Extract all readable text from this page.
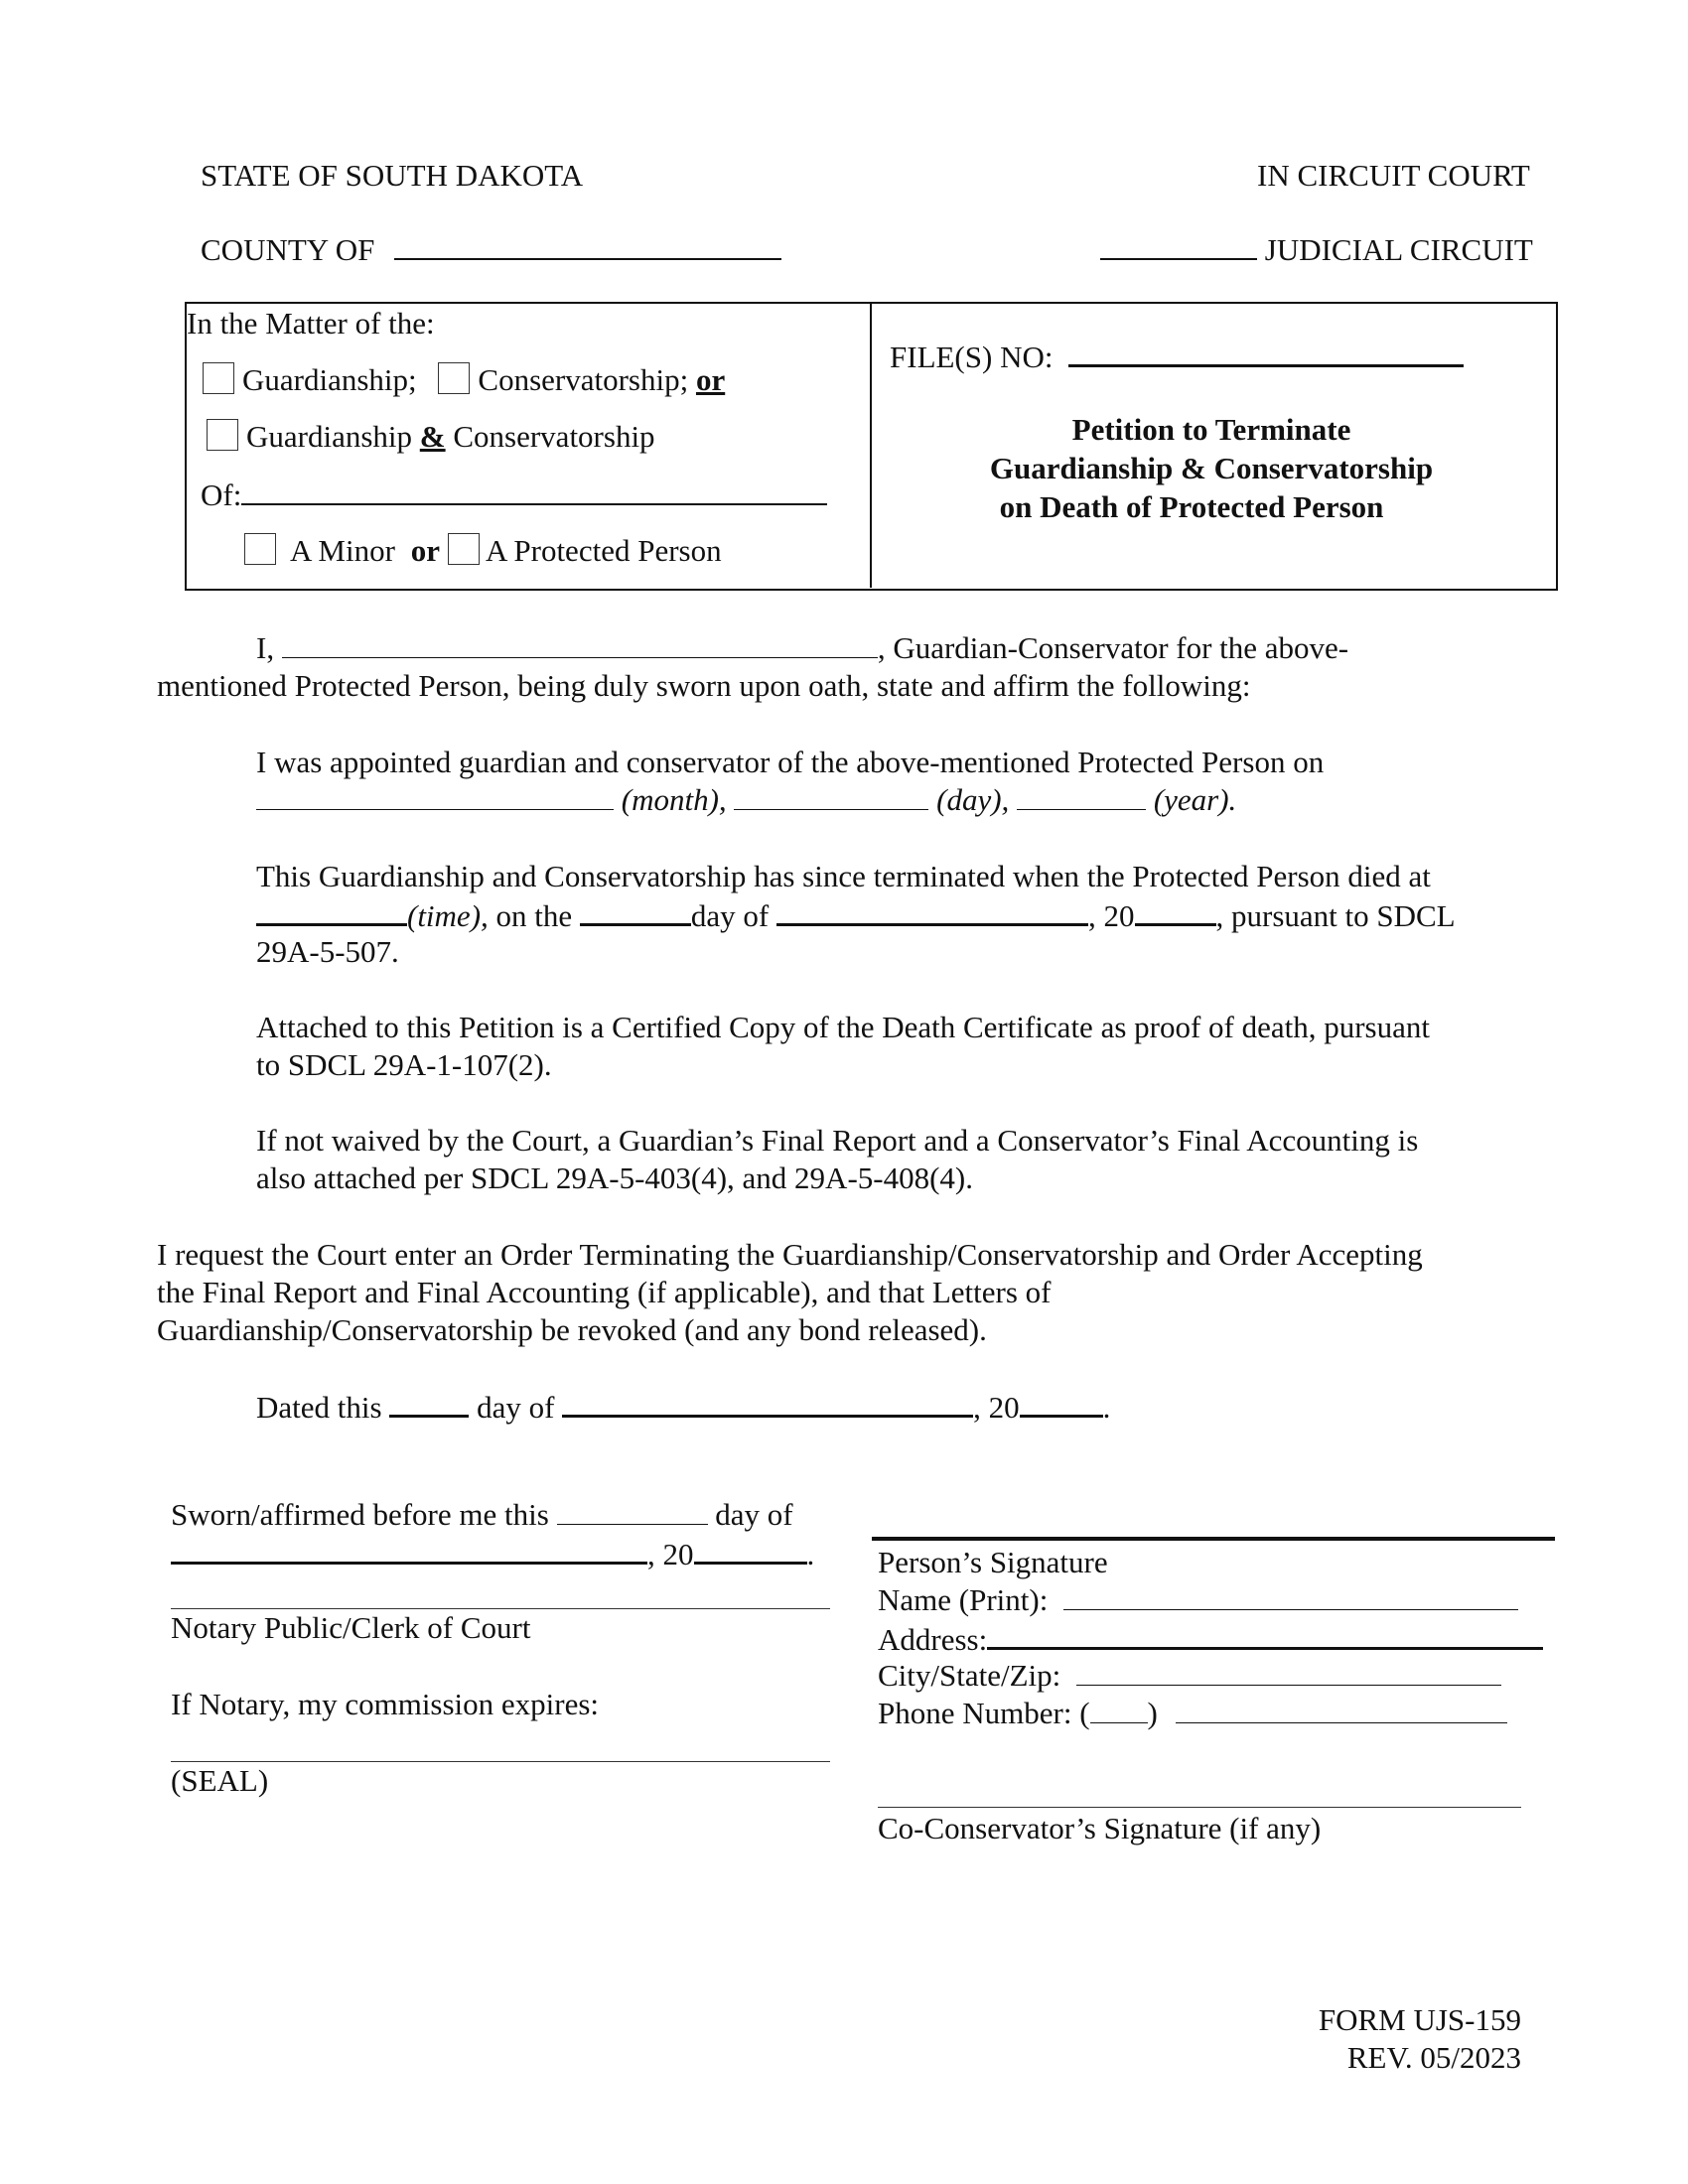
STATE OF SOUTH DAKOTA	IN CIRCUIT COURT
COUNTY OF	JUDICIAL CIRCUIT
In the Matter of the:
Guardianship; Conservatorship; or
Guardianship & Conservatorship
Of:
A Minor or A Protected Person
FILE(S) NO:
Petition to Terminate
Guardianship & Conservatorship
on Death of Protected Person
I,	, Guardian-Conservator for the above-
mentioned Protected Person, being duly sworn upon oath, state and affirm the following:
I was appointed guardian and conservator of the above-mentioned Protected Person on
(month),	(day),	(year).
This Guardianship and Conservatorship has since terminated when the Protected Person died at
(time), on the	day of	, 20	, pursuant to SDCL
29A-5-507.
Attached to this Petition is a Certified Copy of the Death Certificate as proof of death, pursuant
to SDCL 29A-1-107(2).
If not waived by the Court, a Guardian’s Final Report and a Conservator’s Final Accounting is
also attached per SDCL 29A-5-403(4), and 29A-5-408(4).
I request the Court enter an Order Terminating the Guardianship/Conservatorship and Order Accepting
the Final Report and Final Accounting (if applicable), and that Letters of
Guardianship/Conservatorship be revoked (and any bond released).
Dated this	day of	, 20	.
Sworn/affirmed before me this	day of
, 20	.
Notary Public/Clerk of Court
If Notary, my commission expires:
(SEAL)
Person’s Signature
Name (Print):
Address:
City/State/Zip:
Phone Number: ( )
Co-Conservator’s Signature (if any)
FORM UJS-159
REV. 05/2023
